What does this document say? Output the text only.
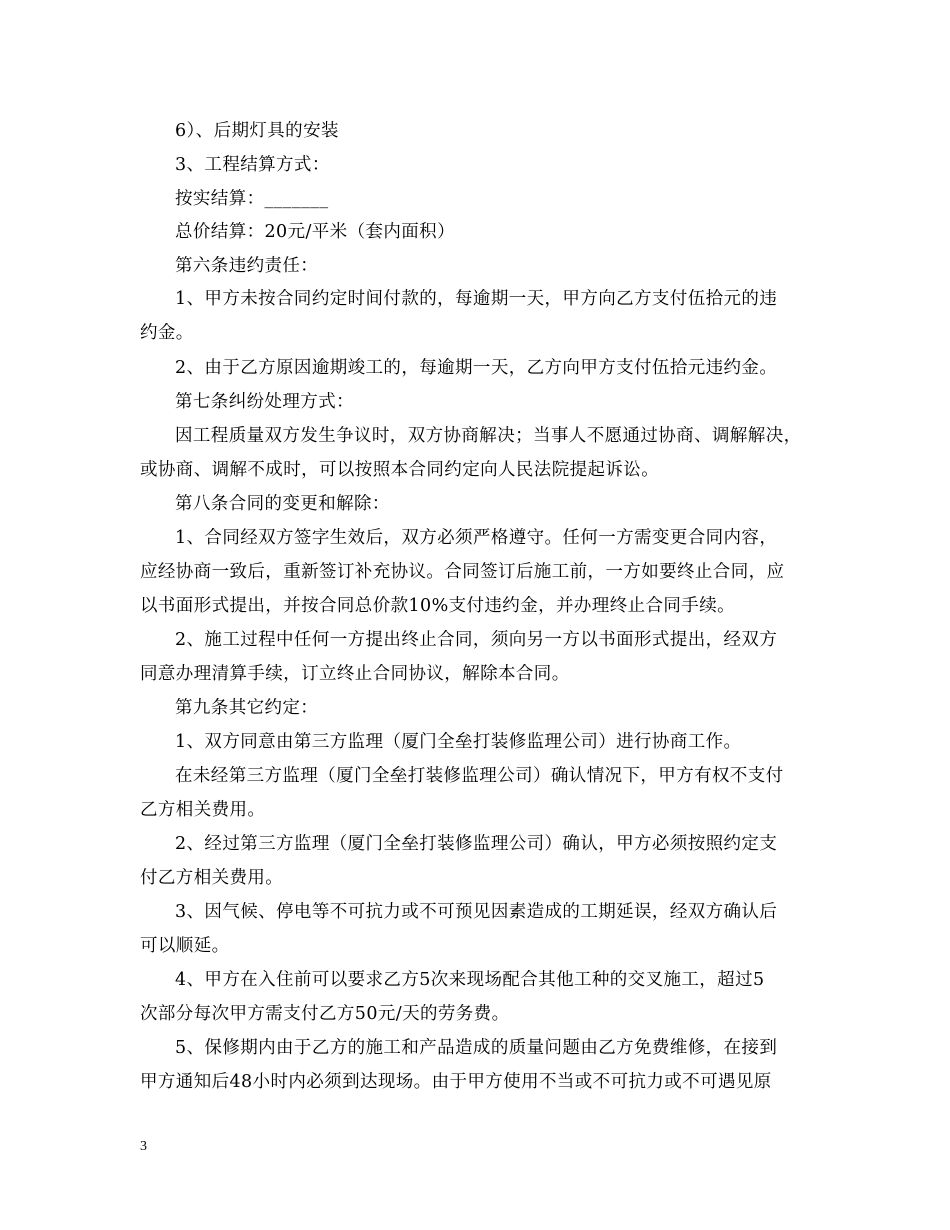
6）、后期灯具的安装

3、工程结算方式：

按实结算：_______

总价结算：20元/平米（套内面积）

第六条违约责任：

1、甲方未按合同约定时间付款的，每逾期一天，甲方向乙方支付伍拾元的违

约金。

2、由于乙方原因逾期竣工的，每逾期一天，乙方向甲方支付伍拾元违约金。

第七条纠纷处理方式：

因工程质量双方发生争议时，双方协商解决；当事人不愿通过协商、调解解决，

或协商、调解不成时，可以按照本合同约定向人民法院提起诉讼。

第八条合同的变更和解除：

1、合同经双方签字生效后，双方必须严格遵守。任何一方需变更合同内容，

应经协商一致后，重新签订补充协议。合同签订后施工前，一方如要终止合同，应

以书面形式提出，并按合同总价款10%支付违约金，并办理终止合同手续。

2、施工过程中任何一方提出终止合同，须向另一方以书面形式提出，经双方

同意办理清算手续，订立终止合同协议，解除本合同。

第九条其它约定：

1、双方同意由第三方监理（厦门全垒打装修监理公司）进行协商工作。

在未经第三方监理（厦门全垒打装修监理公司）确认情况下，甲方有权不支付

乙方相关费用。

2、经过第三方监理（厦门全垒打装修监理公司）确认，甲方必须按照约定支

付乙方相关费用。

3、因气候、停电等不可抗力或不可预见因素造成的工期延误，经双方确认后

可以顺延。

4、甲方在入住前可以要求乙方5次来现场配合其他工种的交叉施工，超过5

次部分每次甲方需支付乙方50元/天的劳务费。

5、保修期内由于乙方的施工和产品造成的质量问题由乙方免费维修，在接到

甲方通知后48小时内必须到达现场。由于甲方使用不当或不可抗力或不可遇见原

3
